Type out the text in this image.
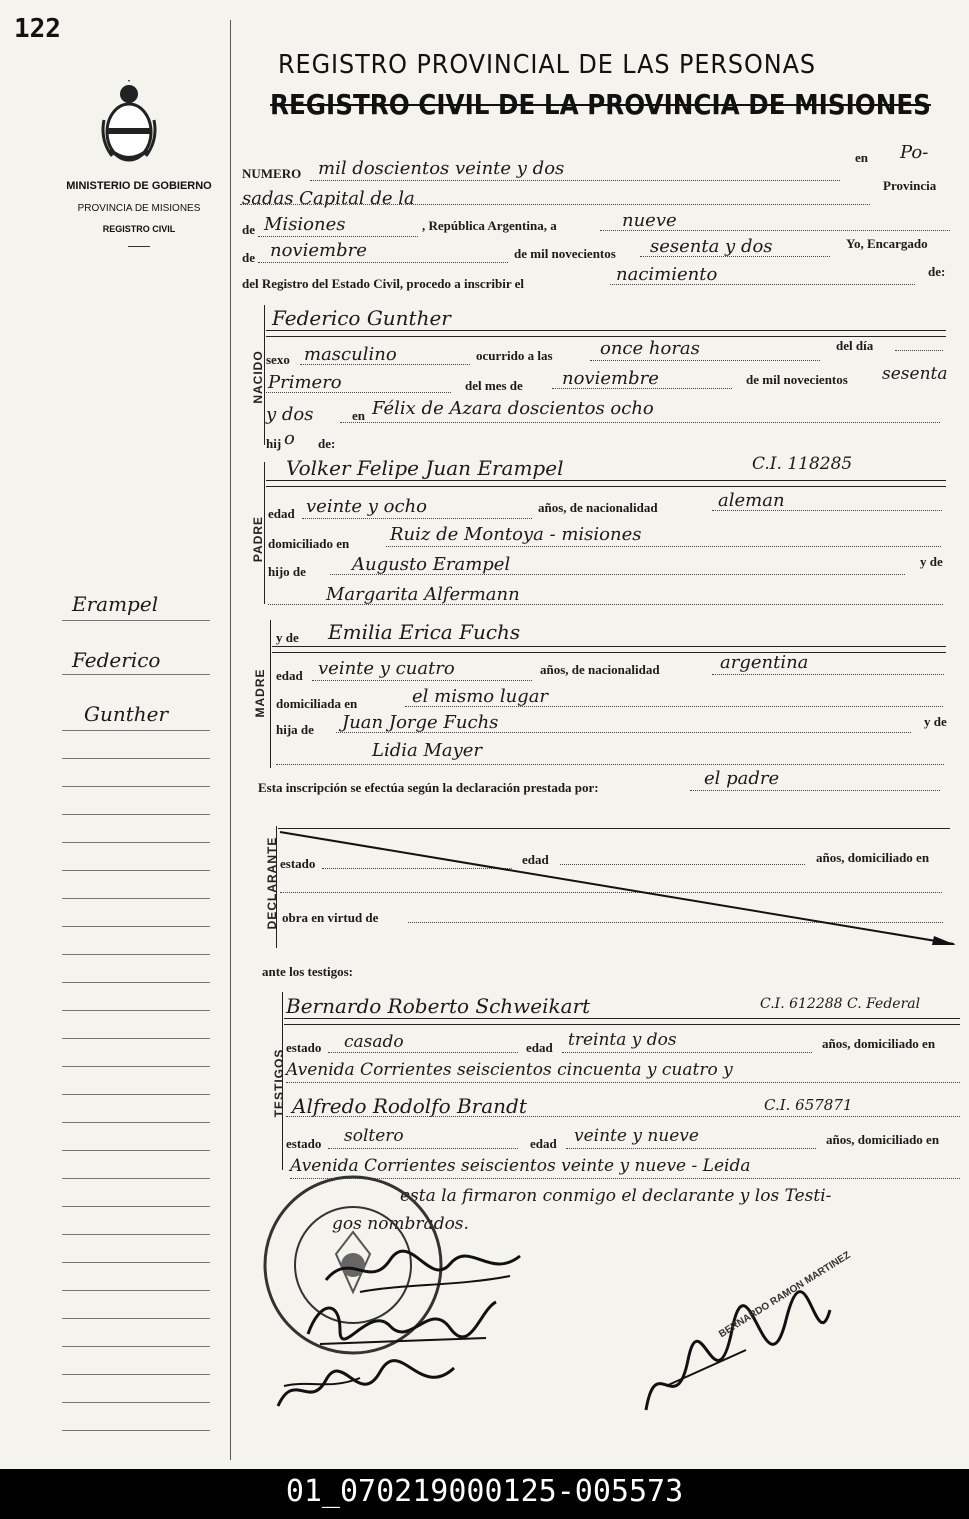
122
MINISTERIO DE GOBIERNO
PROVINCIA DE MISIONES
REGISTRO CIVIL
REGISTRO PROVINCIAL DE LAS PERSONAS
REGISTRO CIVIL DE LA PROVINCIA DE MISIONES
Erampel
Federico
Gunther
NUMERO mil doscientos veinte y dos
en Po-
sadas Capital de la
Provincia
de Misiones	, República Argentina, a	nueve
de noviembre	de mil novecientos sesenta y dos	Yo, Encargado
del Registro del Estado Civil, procedo a inscribir el	nacimiento	de:
NACIDO
Federico Gunther
sexo masculino	ocurrido a las	once horas	del día
Primero	del mes de noviembre	de mil novecientos sesenta
y dos	en Félix de Azara doscientos ocho
hij o de:
PADRE
Volker Felipe Juan Erampel	C.I. 118285
edad veinte y ocho	años, de nacionalidad	aleman
domiciliado en Ruiz de Montoya - misiones
hijo de	Augusto Erampel	y de
Margarita Alfermann
MADRE
y de Emilia Erica Fuchs
edad veinte y cuatro	años, de nacionalidad	argentina
domiciliada en	el mismo lugar
hija de Juan Jorge Fuchs	y de
Lidia Mayer
Esta inscripción se efectúa según la declaración prestada por:	el padre
DECLARANTE estado	edad	años, domiciliado en
obra en virtud de
ante los testigos:
TESTIGOS
Bernardo Roberto Schweikart	C.I. 612288 C. Federal
estado casado	edad treinta y dos	años, domiciliado en
Avenida Corrientes seiscientos cincuenta y cuatro y
Alfredo Rodolfo Brandt	C.I. 657871
estado soltero	edad veinte y nueve	años, domiciliado en
Avenida Corrientes seiscientos veinte y nueve - Leida
esta la firmaron conmigo el declarante y los Testi-
gos nombrados.
BERNARDO RAMON MARTINEZ
01_070219000125-005573
